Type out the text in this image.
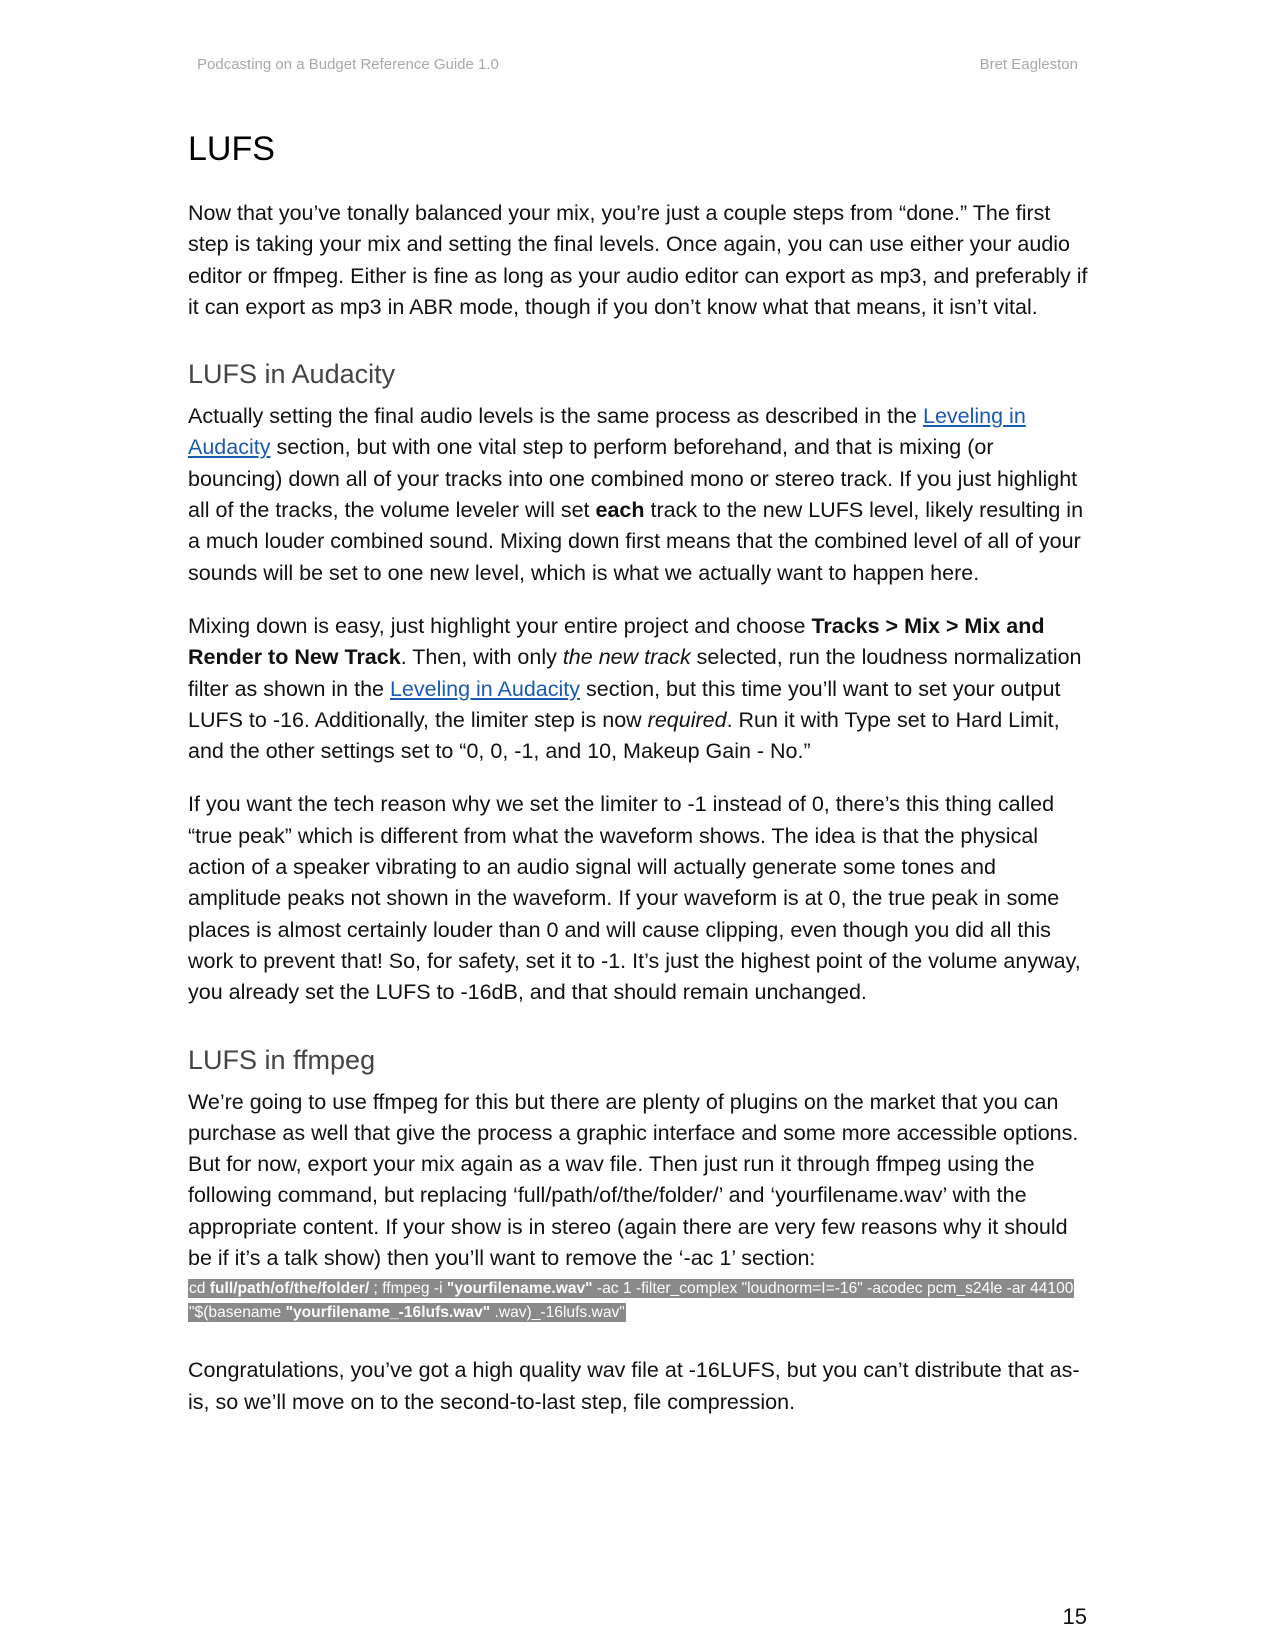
Podcasting on a Budget Reference Guide 1.0	Bret Eagleston
LUFS

Now that you’ve tonally balanced your mix, you’re just a couple steps from “done.” The first step is taking your mix and setting the final levels. Once again, you can use either your audio editor or ffmpeg. Either is fine as long as your audio editor can export as mp3, and preferably if it can export as mp3 in ABR mode, though if you don’t know what that means, it isn’t vital.

LUFS in Audacity

Actually setting the final audio levels is the same process as described in the Leveling in Audacity section, but with one vital step to perform beforehand, and that is mixing (or bouncing) down all of your tracks into one combined mono or stereo track. If you just highlight all of the tracks, the volume leveler will set each track to the new LUFS level, likely resulting in a much louder combined sound. Mixing down first means that the combined level of all of your sounds will be set to one new level, which is what we actually want to happen here.

Mixing down is easy, just highlight your entire project and choose Tracks > Mix > Mix and Render to New Track. Then, with only the new track selected, run the loudness normalization filter as shown in the Leveling in Audacity section, but this time you’ll want to set your output LUFS to -16. Additionally, the limiter step is now required. Run it with Type set to Hard Limit, and the other settings set to “0, 0, -1, and 10, Makeup Gain - No.”

If you want the tech reason why we set the limiter to -1 instead of 0, there’s this thing called “true peak” which is different from what the waveform shows. The idea is that the physical action of a speaker vibrating to an audio signal will actually generate some tones and amplitude peaks not shown in the waveform. If your waveform is at 0, the true peak in some places is almost certainly louder than 0 and will cause clipping, even though you did all this work to prevent that! So, for safety, set it to -1. It’s just the highest point of the volume anyway, you already set the LUFS to -16dB, and that should remain unchanged.

LUFS in ffmpeg

We’re going to use ffmpeg for this but there are plenty of plugins on the market that you can purchase as well that give the process a graphic interface and some more accessible options. But for now, export your mix again as a wav file. Then just run it through ffmpeg using the following command, but replacing ‘full/path/of/the/folder/’ and ‘yourfilename.wav’ with the appropriate content. If your show is in stereo (again there are very few reasons why it should be if it’s a talk show) then you’ll want to remove the ‘-ac 1’ section:

cd full/path/of/the/folder/ ; ffmpeg -i "yourfilename.wav" -ac 1 -filter_complex "loudnorm=I=-16" -acodec pcm_s24le -ar 44100 "$(basename "yourfilename_-16lufs.wav" .wav)_-16lufs.wav"

Congratulations, you’ve got a high quality wav file at -16LUFS, but you can’t distribute that as-is, so we’ll move on to the second-to-last step, file compression.

15
